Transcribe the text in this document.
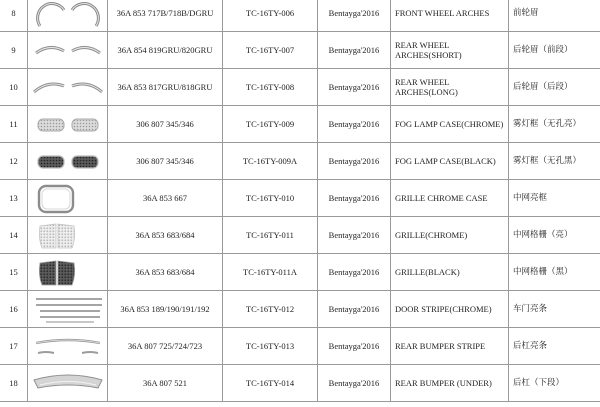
8		36A 853 717B/718B/DGRU	TC-16TY-006	Bentayga'2016	FRONT WHEEL ARCHES	前轮眉
9		36A 854 819GRU/820GRU	TC-16TY-007	Bentayga'2016	REAR WHEEL ARCHES(SHORT)	后轮眉（前段）
10		36A 853 817GRU/818GRU	TC-16TY-008	Bentayga'2016	REAR WHEEL ARCHES(LONG)	后轮眉（后段）
11		306 807 345/346	TC-16TY-009	Bentayga'2016	FOG LAMP CASE(CHROME)	雾灯框（无孔亮）
12		306 807 345/346	TC-16TY-009A	Bentayga'2016	FOG LAMP CASE(BLACK)	雾灯框（无孔黑）
13		36A 853 667	TC-16TY-010	Bentayga'2016	GRILLE CHROME CASE	中网亮框
14		36A 853 683/684	TC-16TY-011	Bentayga'2016	GRILLE(CHROME)	中网格栅（亮）
15		36A 853 683/684	TC-16TY-011A	Bentayga'2016	GRILLE(BLACK)	中网格栅（黑）
16		36A 853 189/190/191/192	TC-16TY-012	Bentayga'2016	DOOR STRIPE(CHROME)	车门亮条
17		36A 807 725/724/723	TC-16TY-013	Bentayga'2016	REAR BUMPER STRIPE	后杠亮条
18		36A 807 521	TC-16TY-014	Bentayga'2016	REAR BUMPER (UNDER)	后杠（下段）
